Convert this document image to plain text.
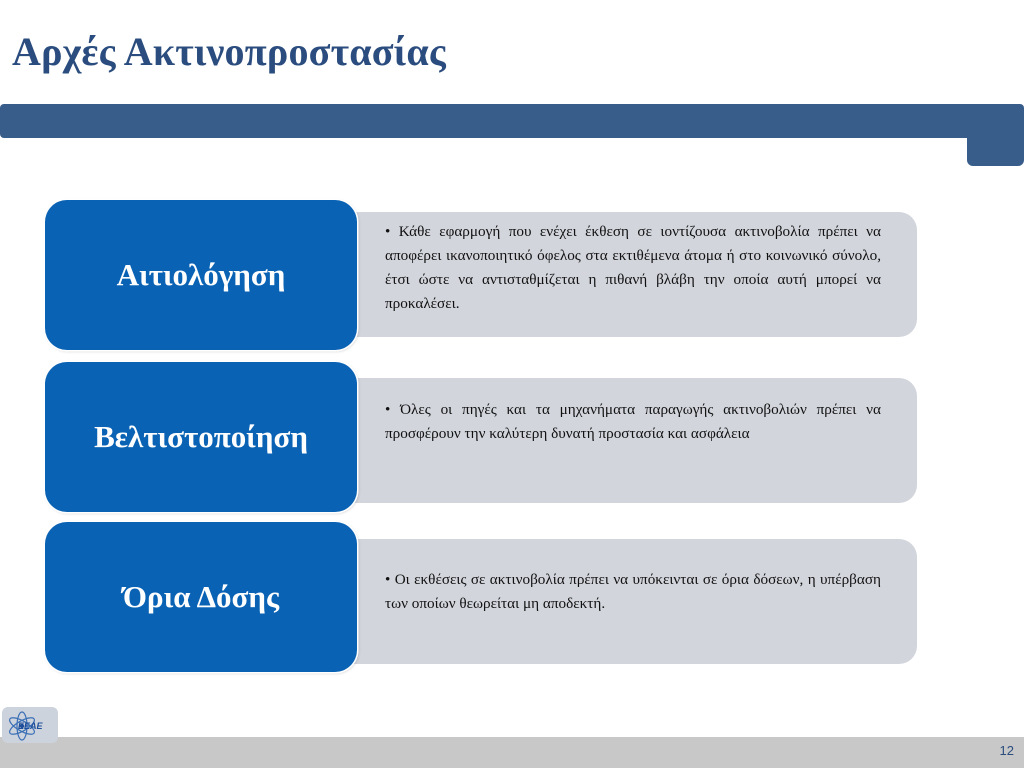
Αρχές Ακτινοπροστασίας
• Κάθε εφαρμογή που ενέχει έκθεση σε ιοντίζουσα ακτινοβολία πρέπει να αποφέρει ικανοποιητικό όφελος στα εκτιθέμενα άτομα ή στο κοινωνικό σύνολο, έτσι ώστε να αντισταθμίζεται η πιθανή βλάβη την οποία αυτή μπορεί να προκαλέσει.
Αιτιολόγηση
• Όλες οι πηγές και τα μηχανήματα παραγωγής ακτινοβολιών πρέπει να προσφέρουν την καλύτερη δυνατή προστασία και ασφάλεια
Βελτιστοποίηση
• Οι εκθέσεις σε ακτινοβολία πρέπει να υπόκεινται σε όρια δόσεων, η υπέρβαση των οποίων θεωρείται μη αποδεκτή.
Όρια Δόσης
12
ΕΕΑΕ
